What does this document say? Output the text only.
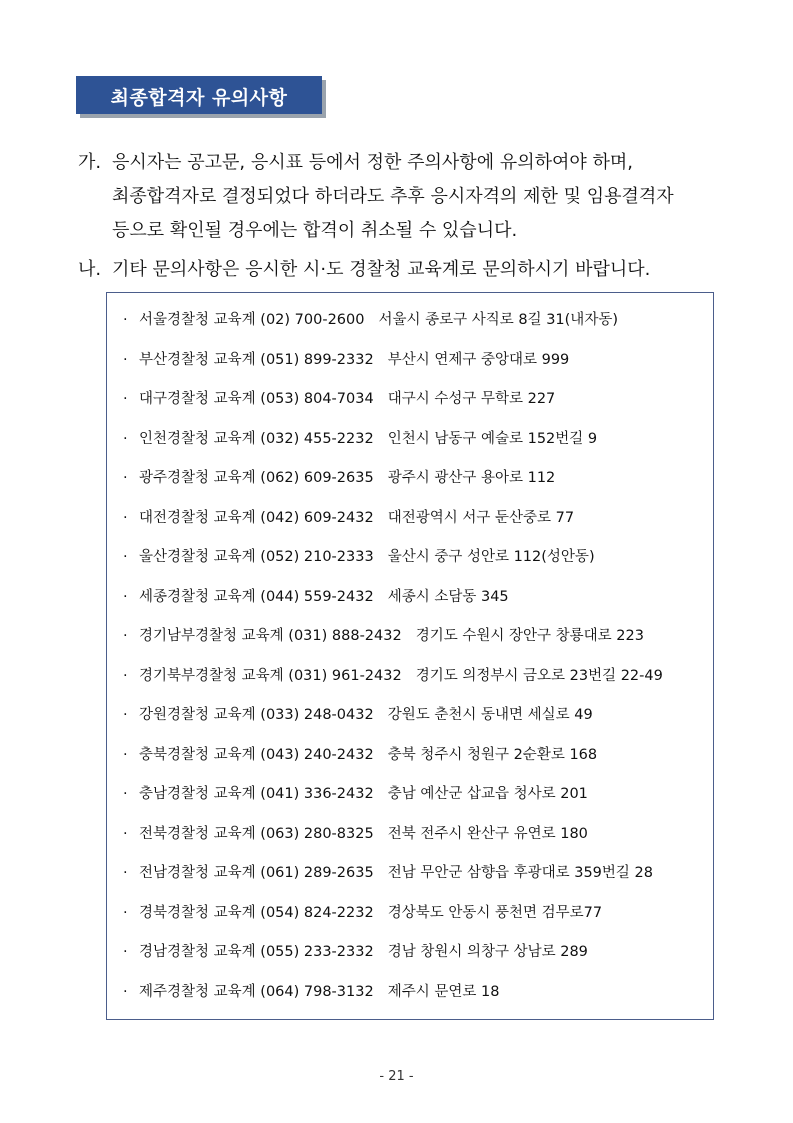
최종합격자 유의사항
가. 응시자는 공고문, 응시표 등에서 정한 주의사항에 유의하여야 하며,
최종합격자로 결정되었다 하더라도 추후 응시자격의 제한 및 임용결격자
등으로 확인될 경우에는 합격이 취소될 수 있습니다.
나. 기타 문의사항은 응시한 시·도 경찰청 교육계로 문의하시기 바랍니다.
· 서울경찰청 교육계 (02) 700-2600 서울시 종로구 사직로 8길 31(내자동)
· 부산경찰청 교육계 (051) 899-2332 부산시 연제구 중앙대로 999
· 대구경찰청 교육계 (053) 804-7034 대구시 수성구 무학로 227
· 인천경찰청 교육계 (032) 455-2232 인천시 남동구 예술로 152번길 9
· 광주경찰청 교육계 (062) 609-2635 광주시 광산구 용아로 112
· 대전경찰청 교육계 (042) 609-2432 대전광역시 서구 둔산중로 77
· 울산경찰청 교육계 (052) 210-2333 울산시 중구 성안로 112(성안동)
· 세종경찰청 교육계 (044) 559-2432 세종시 소담동 345
· 경기남부경찰청 교육계 (031) 888-2432 경기도 수원시 장안구 창룡대로 223
· 경기북부경찰청 교육계 (031) 961-2432 경기도 의정부시 금오로 23번길 22-49
· 강원경찰청 교육계 (033) 248-0432 강원도 춘천시 동내면 세실로 49
· 충북경찰청 교육계 (043) 240-2432 충북 청주시 청원구 2순환로 168
· 충남경찰청 교육계 (041) 336-2432 충남 예산군 삽교읍 청사로 201
· 전북경찰청 교육계 (063) 280-8325 전북 전주시 완산구 유연로 180
· 전남경찰청 교육계 (061) 289-2635 전남 무안군 삼향읍 후광대로 359번길 28
· 경북경찰청 교육계 (054) 824-2232 경상북도 안동시 풍천면 검무로77
· 경남경찰청 교육계 (055) 233-2332 경남 창원시 의창구 상남로 289
· 제주경찰청 교육계 (064) 798-3132 제주시 문연로 18
- 21 -
